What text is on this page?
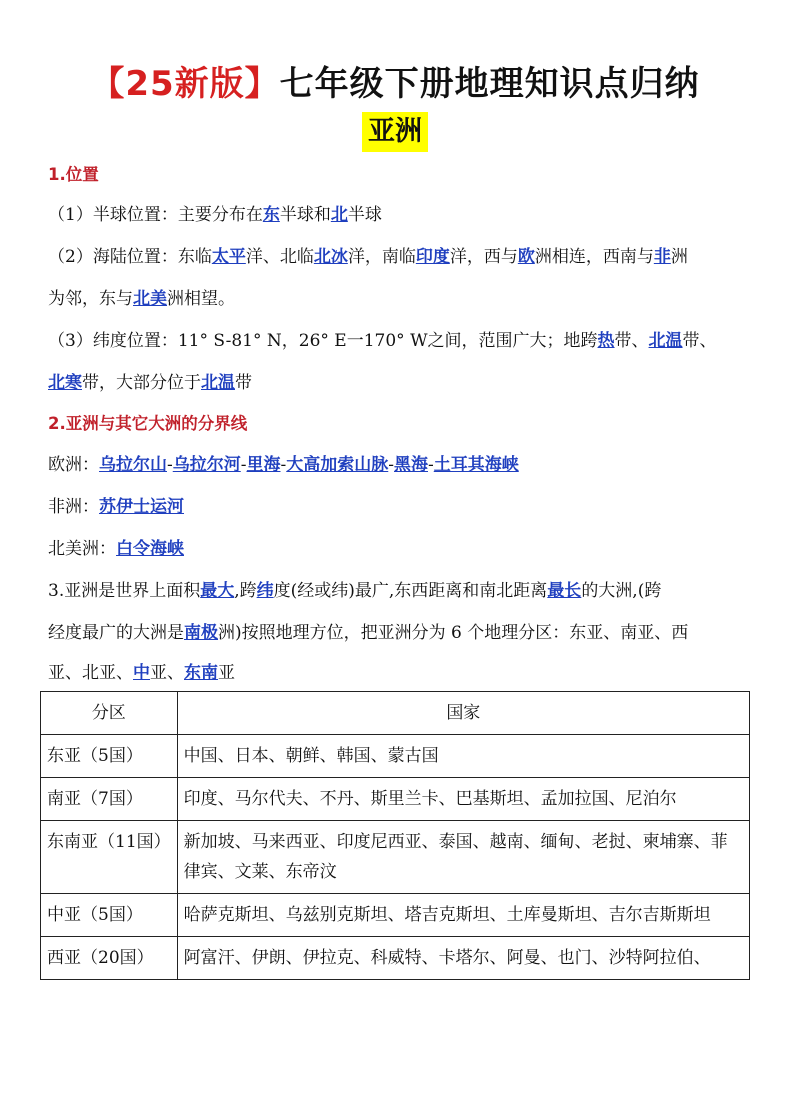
【25新版】七年级下册地理知识点归纳
亚洲
1.位置
（1）半球位置：主要分布在东半球和北半球
（2）海陆位置：东临太平洋、北临北冰洋，南临印度洋，西与欧洲相连，西南与非洲
为邻，东与北美洲相望。
（3）纬度位置：11° S-81° N，26° E一170° W之间，范围广大；地跨热带、北温带、
北寒带，大部分位于北温带
2.亚洲与其它大洲的分界线
欧洲：乌拉尔山-乌拉尔河-里海-大高加索山脉-黑海-土耳其海峡
非洲：苏伊士运河
北美洲：白令海峡
3.亚洲是世界上面积最大,跨纬度(经或纬)最广,东西距离和南北距离最长的大洲,(跨
经度最广的大洲是南极洲)按照地理方位，把亚洲分为 6 个地理分区：东亚、南亚、西
亚、北亚、中亚、东南亚
分区	国家
东亚（5国）	中国、日本、朝鲜、韩国、蒙古国
南亚（7国）	印度、马尔代夫、不丹、斯里兰卡、巴基斯坦、孟加拉国、尼泊尔
东南亚（11国）	新加坡、马来西亚、印度尼西亚、泰国、越南、缅甸、老挝、柬埔寨、菲律宾、文莱、东帝汶
中亚（5国）	哈萨克斯坦、乌兹别克斯坦、塔吉克斯坦、土库曼斯坦、吉尔吉斯斯坦
西亚（20国）	阿富汗、伊朗、伊拉克、科威特、卡塔尔、阿曼、也门、沙特阿拉伯、
